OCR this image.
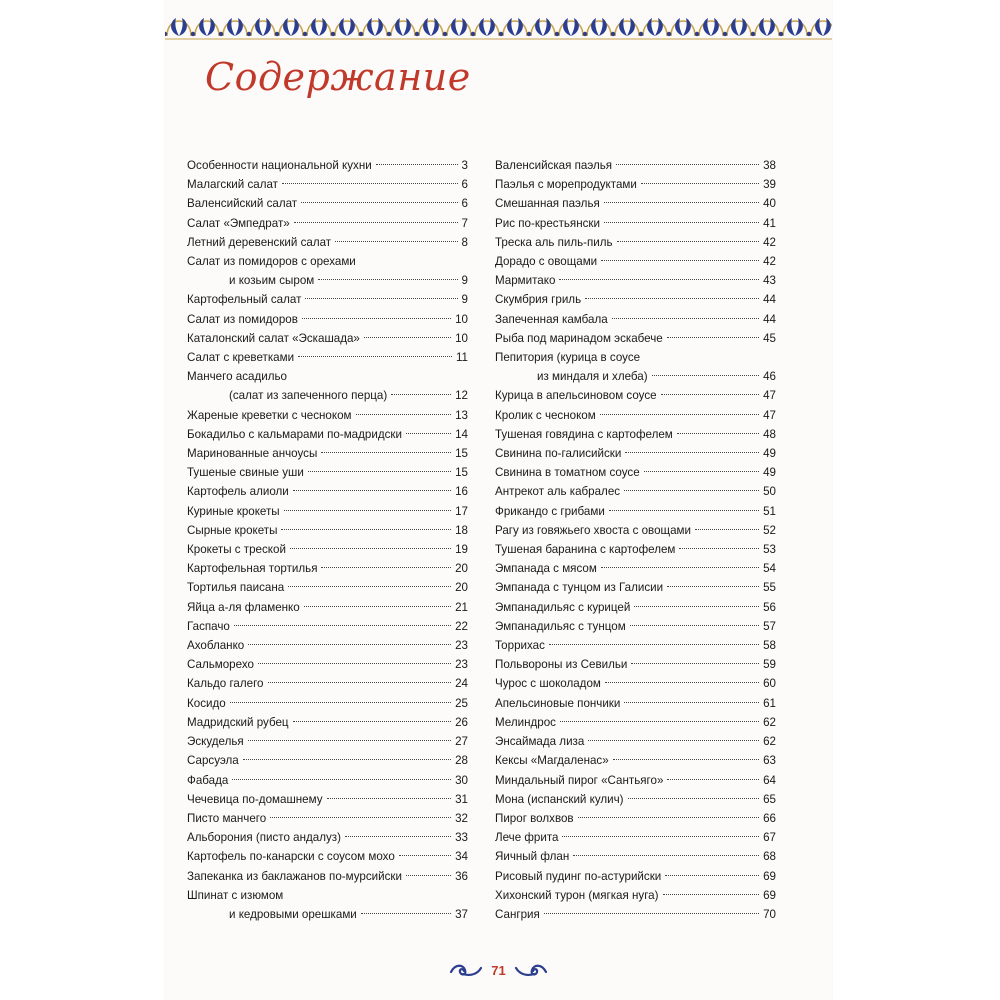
Содержание
Особенности национальной кухни	3
Малагский салат	6
Валенсийский салат	6
Салат «Эмпедрат»	7
Летний деревенский салат	8
Салат из помидоров с орехами
и козьим сыром	9
Картофельный салат	9
Салат из помидоров	10
Каталонский салат «Эскашада»	10
Салат с креветками	11
Манчего асадильо
(салат из запеченного перца)	12
Жареные креветки с чесноком	13
Бокадильо с кальмарами по-мадридски	14
Маринованные анчоусы	15
Тушеные свиные уши	15
Картофель алиоли	16
Куриные крокеты	17
Сырные крокеты	18
Крокеты с треской	19
Картофельная тортилья	20
Тортилья паисана	20
Яйца а-ля фламенко	21
Гаспачо	22
Ахобланко	23
Сальморехо	23
Кальдо галего	24
Косидо	25
Мадридский рубец	26
Эскуделья	27
Сарсуэла	28
Фабада	30
Чечевица по-домашнему	31
Писто манчего	32
Альборония (писто андалуз)	33
Картофель по-канарски с соусом мохо	34
Запеканка из баклажанов по-мурсийски	36
Шпинат с изюмом
и кедровыми орешками	37
Валенсийская паэлья	38
Паэлья с морепродуктами	39
Смешанная паэлья	40
Рис по-крестьянски	41
Треска аль пиль-пиль	42
Дорадо с овощами	42
Мармитако	43
Скумбрия гриль	44
Запеченная камбала	44
Рыба под маринадом эскабече	45
Пепитория (курица в соусе
из миндаля и хлеба)	46
Курица в апельсиновом соусе	47
Кролик с чесноком	47
Тушеная говядина с картофелем	48
Свинина по-галисийски	49
Свинина в томатном соусе	49
Антрекот аль кабралес	50
Фрикандо с грибами	51
Рагу из говяжьего хвоста с овощами	52
Тушеная баранина с картофелем	53
Эмпанада с мясом	54
Эмпанада с тунцом из Галисии	55
Эмпанадильяс с курицей	56
Эмпанадильяс с тунцом	57
Торрихас	58
Польвороны из Севильи	59
Чурос с шоколадом	60
Апельсиновые пончики	61
Мелиндрос	62
Энсаймада лиза	62
Кексы «Магдаленас»	63
Миндальный пирог «Сантьяго»	64
Мона (испанский кулич)	65
Пирог волхвов	66
Лече фрита	67
Яичный флан	68
Рисовый пудинг по-астурийски	69
Хихонский турон (мягкая нуга)	69
Сангрия	70
71
